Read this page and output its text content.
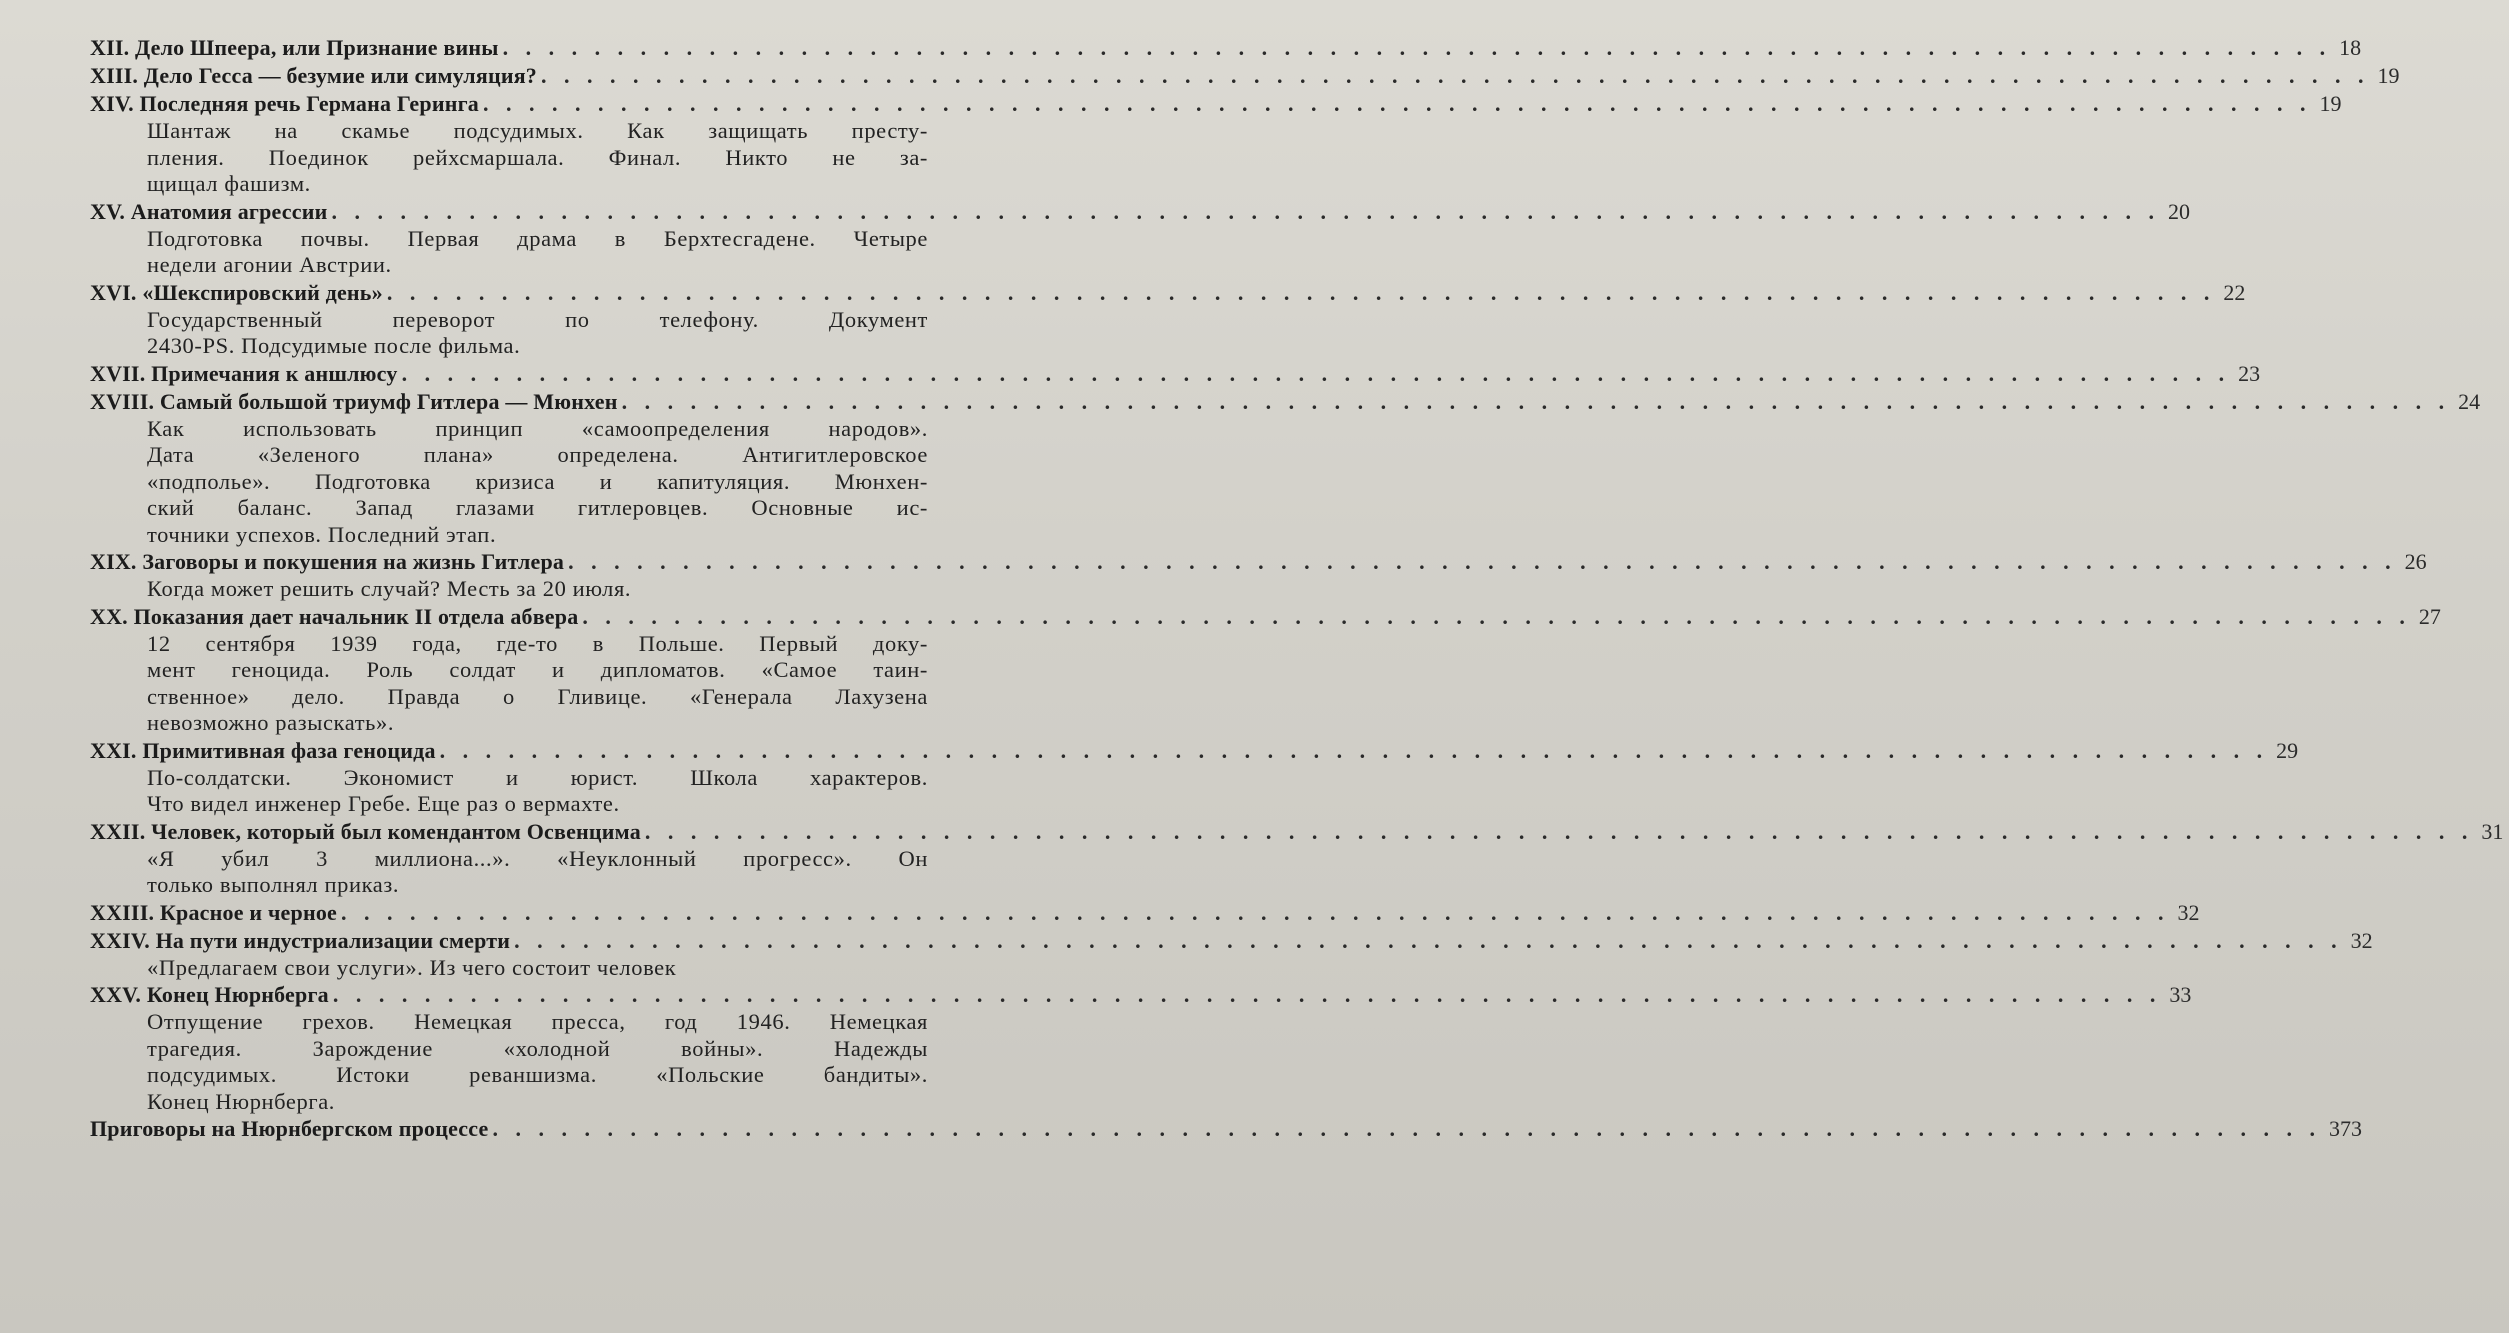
XII. Дело Шпеера, или Признание вины . . .	18
XIII. Дело Гесса — безумие или симуляция? . . .	19
XIV. Последняя речь Германа Геринга . . .	19
Шантаж на скамье подсудимых. Как защищать престу-
пления. Поединок рейхсмаршала. Финал. Никто не за-
щищал фашизм.
XV. Анатомия агрессии . . .	20
Подготовка почвы. Первая драма в Берхтесгадене. Четыре
недели агонии Австрии.
XVI. «Шекспировский день» . . .	22
Государственный переворот по телефону. Документ
2430-PS. Подсудимые после фильма.
XVII. Примечания к аншлюсу . . .	23
XVIII. Самый большой триумф Гитлера — Мюнхен . . .	24
Как использовать принцип «самоопределения народов».
Дата «Зеленого плана» определена. Антигитлеровское
«подполье». Подготовка кризиса и капитуляция. Мюнхен-
ский баланс. Запад глазами гитлеровцев. Основные ис-
точники успехов. Последний этап.
XIX. Заговоры и покушения на жизнь Гитлера . . .	26
Когда может решить случай? Месть за 20 июля.
XX. Показания дает начальник II отдела абвера . . .	27
12 сентября 1939 года, где-то в Польше. Первый доку-
мент геноцида. Роль солдат и дипломатов. «Самое таин-
ственное» дело. Правда о Гливице. «Генерала Лахузена
невозможно разыскать».
XXI. Примитивная фаза геноцида . . .	29
По-солдатски. Экономист и юрист. Школа характеров.
Что видел инженер Гребе. Еще раз о вермахте.
XXII. Человек, который был комендантом Освенцима . . .	31
«Я убил 3 миллиона...». «Неуклонный прогресс». Он
только выполнял приказ.
XXIII. Красное и черное . . .	32
XXIV. На пути индустриализации смерти . . .	32
«Предлагаем свои услуги». Из чего состоит человек
XXV. Конец Нюрнберга . . .	33
Отпущение грехов. Немецкая пресса, год 1946. Немецкая
трагедия. Зарождение «холодной войны». Надежды
подсудимых. Истоки реваншизма. «Польские бандиты».
Конец Нюрнберга.
Приговоры на Нюрнбергском процессе . . .	373
